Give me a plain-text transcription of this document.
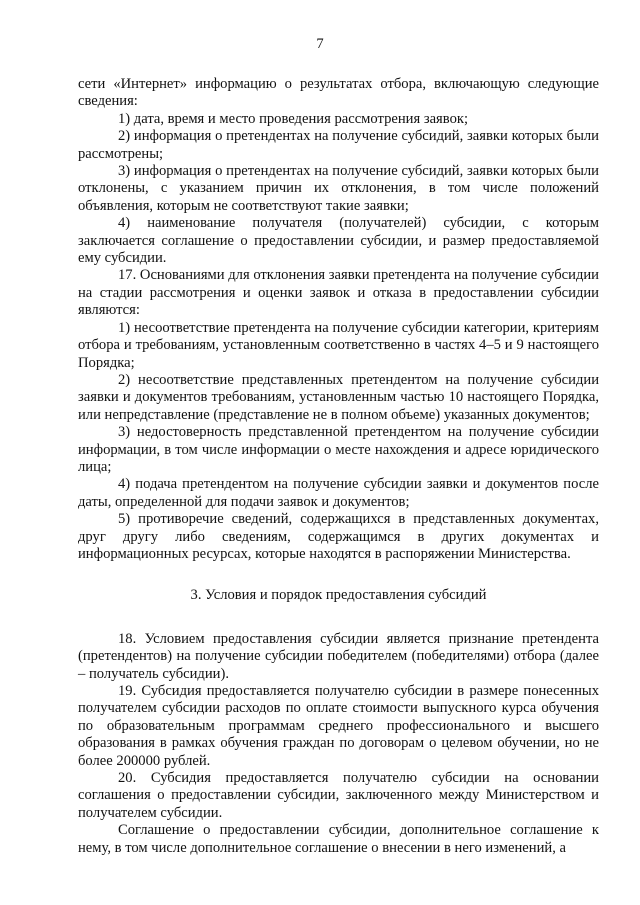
7
сети «Интернет» информацию о результатах отбора, включающую следующие сведения:
1) дата, время и место проведения рассмотрения заявок;
2) информация о претендентах на получение субсидий, заявки которых были рассмотрены;
3) информация о претендентах на получение субсидий, заявки которых были отклонены, с указанием причин их отклонения, в том числе положений объявления, которым не соответствуют такие заявки;
4) наименование получателя (получателей) субсидии, с которым заключается соглашение о предоставлении субсидии, и размер предоставляемой ему субсидии.
17. Основаниями для отклонения заявки претендента на получение субсидии на стадии рассмотрения и оценки заявок и отказа в предоставлении субсидии являются:
1) несоответствие претендента на получение субсидии категории, критериям отбора и требованиям, установленным соответственно в частях 4–5 и 9 настоящего Порядка;
2) несоответствие представленных претендентом на получение субсидии заявки и документов требованиям, установленным частью 10 настоящего Порядка, или непредставление (представление не в полном объеме) указанных документов;
3) недостоверность представленной претендентом на получение субсидии информации, в том числе информации о месте нахождения и адресе юридического лица;
4) подача претендентом на получение субсидии заявки и документов после даты, определенной для подачи заявок и документов;
5) противоречие сведений, содержащихся в представленных документах, друг другу либо сведениям, содержащимся в других документах и информационных ресурсах, которые находятся в распоряжении Министерства.
3. Условия и порядок предоставления субсидий
18. Условием предоставления субсидии является признание претендента (претендентов) на получение субсидии победителем (победителями) отбора (далее – получатель субсидии).
19. Субсидия предоставляется получателю субсидии в размере понесенных получателем субсидии расходов по оплате стоимости выпускного курса обучения по образовательным программам среднего профессионального и высшего образования в рамках обучения граждан по договорам о целевом обучении, но не более 200000 рублей.
20. Субсидия предоставляется получателю субсидии на основании соглашения о предоставлении субсидии, заключенного между Министерством и получателем субсидии.
Соглашение о предоставлении субсидии, дополнительное соглашение к нему, в том числе дополнительное соглашение о внесении в него изменений, а
